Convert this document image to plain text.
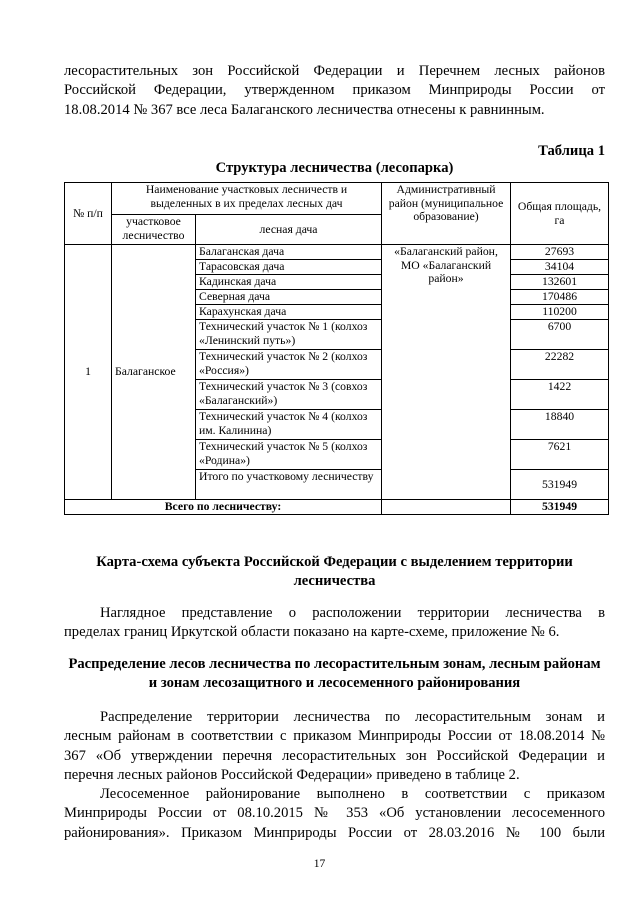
лесорастительных зон Российской Федерации и Перечнем лесных районов

Российской Федерации, утвержденном приказом Минприроды России от

18.08.2014 № 367 все леса Балаганского лесничества отнесены к равнинным.

Таблица 1
Структура лесничества (лесопарка)
№ п/п	Наименование участковых лесничеств и выделенных в их пределах лесных дач		Административный район (муниципальное образование)	Общая площадь, га
	участковое лесничество	лесная дача		
1	Балаганское	Балаганская дача	«Балаганский район, МО «Балаганский район»	27693
		Тарасовская дача		34104
		Кадинская дача		132601
		Северная дача		170486
		Карахунская дача		110200
		Технический участок № 1 (колхоз «Ленинский путь»)		6700
		Технический участок № 2 (колхоз «Россия»)		22282
		Технический участок № 3 (совхоз «Балаганский»)		1422
		Технический участок № 4 (колхоз им. Калинина)		18840
		Технический участок № 5 (колхоз «Родина»)		7621
		Итого по участковому лесничеству		531949
Всего по лесничеству:				531949
Карта-схема субъекта Российской Федерации с выделением территории лесничества

Наглядное представление о расположении территории лесничества в

пределах границ Иркутской области показано на карте-схеме, приложение № 6.

Распределение лесов лесничества по лесорастительным зонам, лесным районам и зонам лесозащитного и лесосеменного районирования

Распределение территории лесничества по лесорастительным зонам и

лесным районам в соответствии с приказом Минприроды России от 18.08.2014 №

367 «Об утверждении перечня лесорастительных зон Российской Федерации и

перечня лесных районов Российской Федерации» приведено в таблице 2.

Лесосеменное районирование выполнено в соответствии с приказом

Минприроды России от 08.10.2015 № 353 «Об установлении лесосеменного

районирования». Приказом Минприроды России от 28.03.2016 № 100 были

17
